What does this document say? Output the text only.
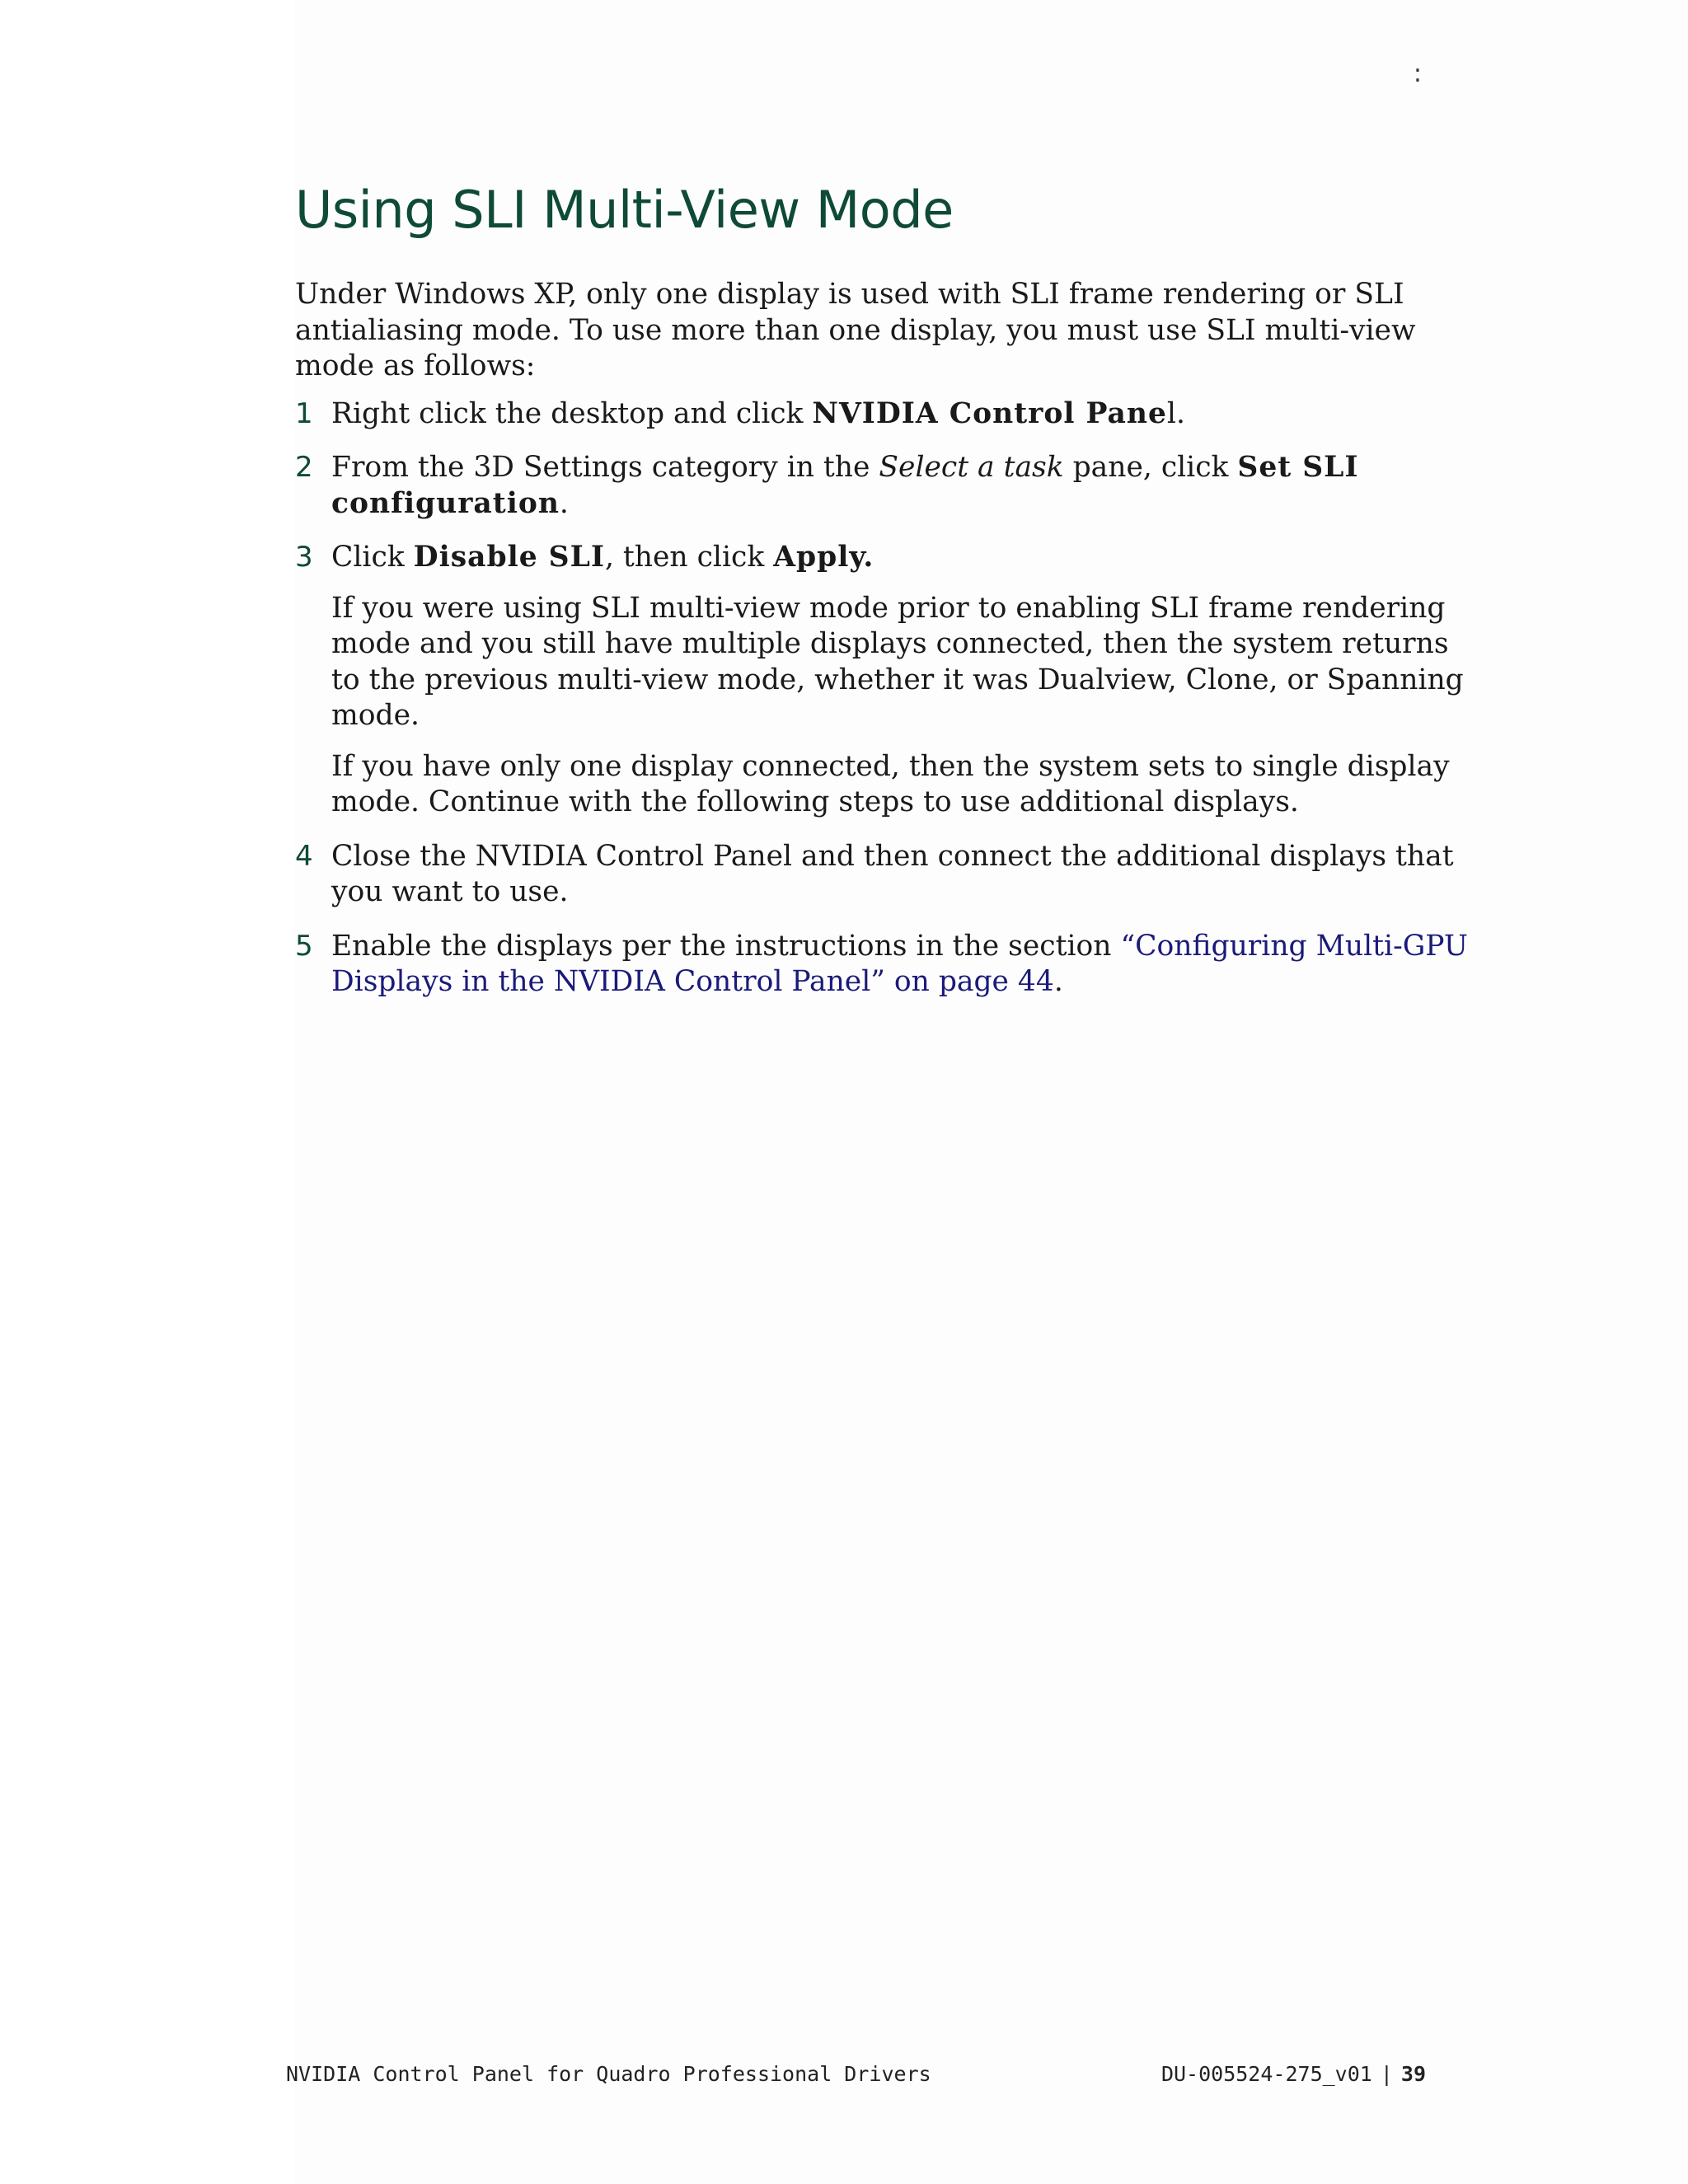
:
Using SLI Multi-View Mode

Under Windows XP, only one display is used with SLI frame rendering or SLI antialiasing mode. To use more than one display, you must use SLI multi-view mode as follows:

1 Right click the desktop and click NVIDIA Control Panel.
2 From the 3D Settings category in the Select a task pane, click Set SLI configuration.
3 Click Disable SLI, then click Apply.

If you were using SLI multi-view mode prior to enabling SLI frame rendering mode and you still have multiple displays connected, then the system returns to the previous multi-view mode, whether it was Dualview, Clone, or Spanning mode.

If you have only one display connected, then the system sets to single display mode. Continue with the following steps to use additional displays.

4 Close the NVIDIA Control Panel and then connect the additional displays that you want to use.
5 Enable the displays per the instructions in the section “Configuring Multi-GPU Displays in the NVIDIA Control Panel” on page 44.
NVIDIA Control Panel for Quadro Professional Drivers	DU-005524-275_v01 | 39
